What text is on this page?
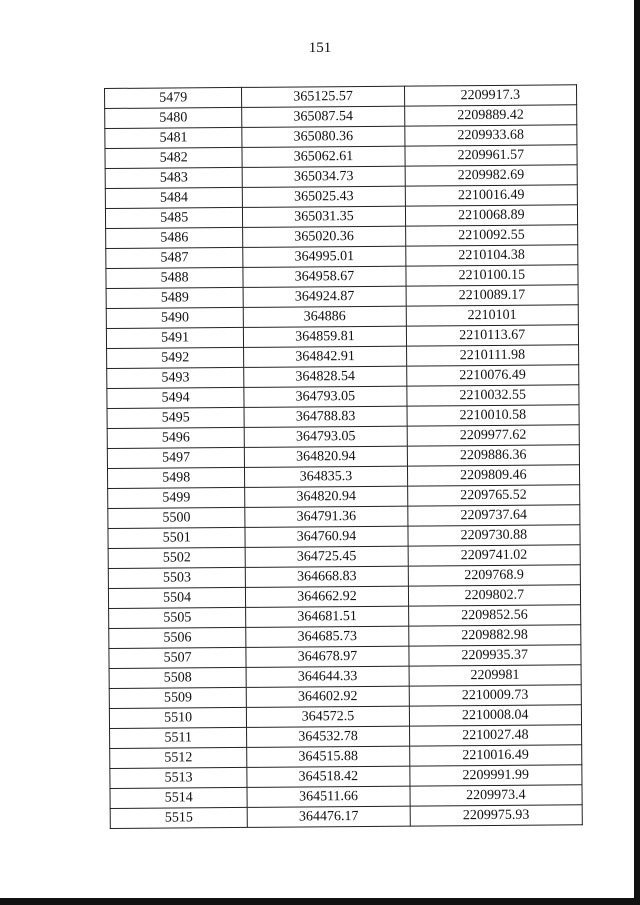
151
5479	365125.57	2209917.3
5480	365087.54	2209889.42
5481	365080.36	2209933.68
5482	365062.61	2209961.57
5483	365034.73	2209982.69
5484	365025.43	2210016.49
5485	365031.35	2210068.89
5486	365020.36	2210092.55
5487	364995.01	2210104.38
5488	364958.67	2210100.15
5489	364924.87	2210089.17
5490	364886	2210101
5491	364859.81	2210113.67
5492	364842.91	2210111.98
5493	364828.54	2210076.49
5494	364793.05	2210032.55
5495	364788.83	2210010.58
5496	364793.05	2209977.62
5497	364820.94	2209886.36
5498	364835.3	2209809.46
5499	364820.94	2209765.52
5500	364791.36	2209737.64
5501	364760.94	2209730.88
5502	364725.45	2209741.02
5503	364668.83	2209768.9
5504	364662.92	2209802.7
5505	364681.51	2209852.56
5506	364685.73	2209882.98
5507	364678.97	2209935.37
5508	364644.33	2209981
5509	364602.92	2210009.73
5510	364572.5	2210008.04
5511	364532.78	2210027.48
5512	364515.88	2210016.49
5513	364518.42	2209991.99
5514	364511.66	2209973.4
5515	364476.17	2209975.93
